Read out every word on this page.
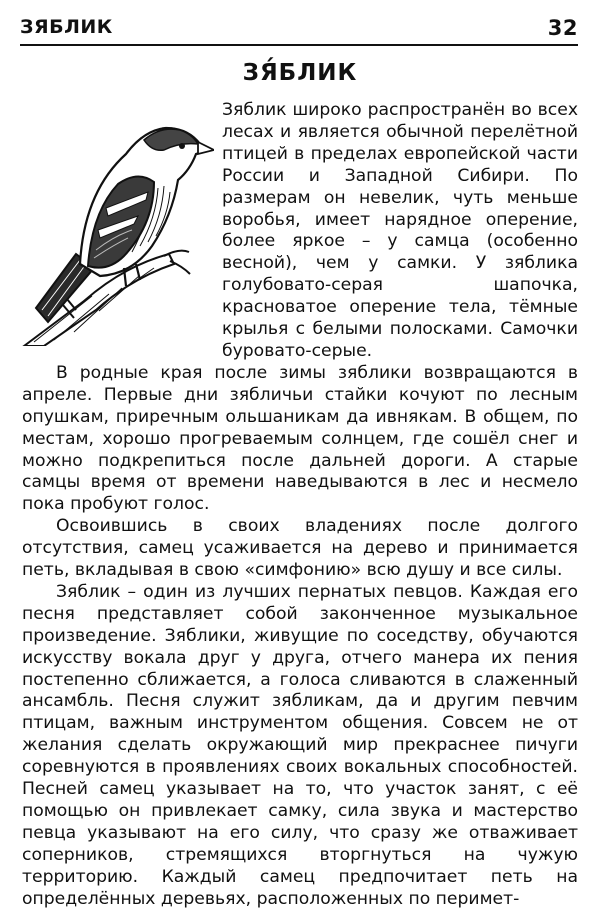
ЗЯБЛИК	32
ЗЯ́БЛИК

Зяблик широко распространён во всех лесах и является обычной перелётной птицей в пределах европейской части России и Западной Сибири. По размерам он невелик, чуть меньше воробья, имеет нарядное оперение, более яркое – у самца (особенно весной), чем у самки. У зяблика голубовато-серая шапочка, красноватое оперение тела, тёмные крылья с белыми полосками. Самочки буровато-серые.

В родные края после зимы зяблики возвращаются в апреле. Первые дни зябличьи стайки кочуют по лесным опушкам, приречным ольшаникам да ивнякам. В общем, по местам, хорошо прогреваемым солнцем, где сошёл снег и можно подкрепиться после дальней дороги. А старые самцы время от времени наведываются в лес и несмело пока пробуют голос.

Освоившись в своих владениях после долгого отсутствия, самец усаживается на дерево и принимается петь, вкладывая в свою «симфонию» всю душу и все силы.

Зяблик – один из лучших пернатых певцов. Каждая его песня представляет собой законченное музыкальное произведение. Зяблики, живущие по соседству, обучаются искусству вокала друг у друга, отчего манера их пения постепенно сближается, а голоса сливаются в слаженный ансамбль. Песня служит зябликам, да и другим певчим птицам, важным инструментом общения. Совсем не от желания сделать окружающий мир прекраснее пичуги соревнуются в проявлениях своих вокальных способностей. Песней самец указывает на то, что участок занят, с её помощью он привлекает самку, сила звука и мастерство певца указывают на его силу, что сразу же отваживает соперников, стремящихся вторгнуться на чужую территорию. Каждый самец предпочитает петь на определённых деревьях, расположенных по перимет-
